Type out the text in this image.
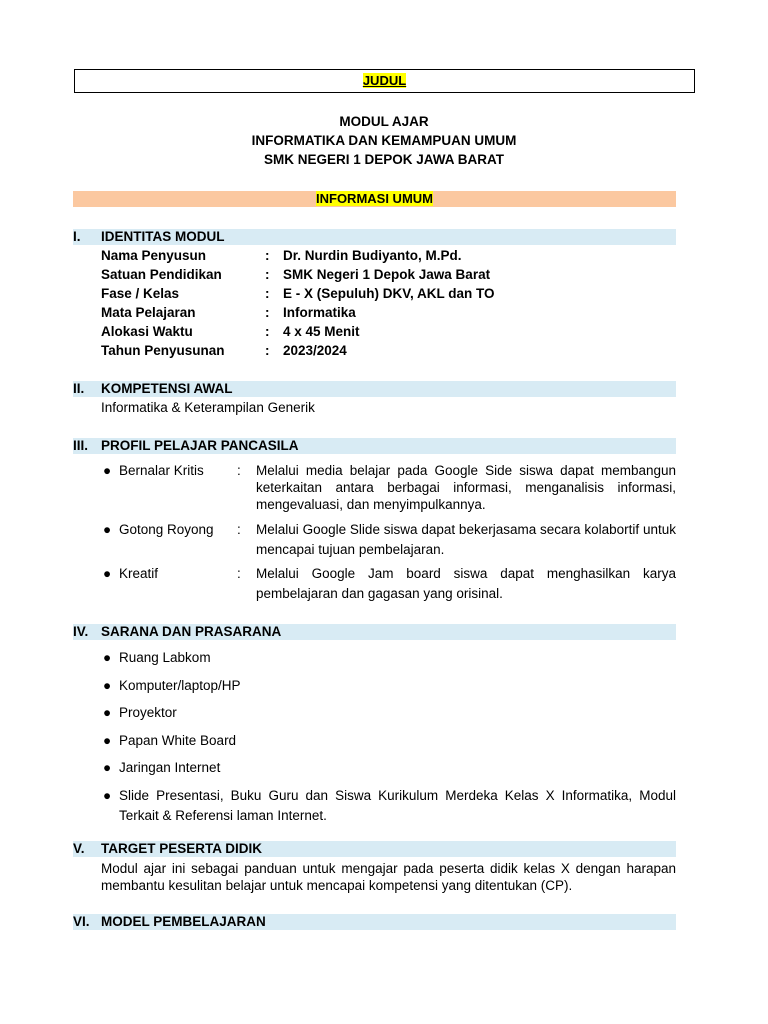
JUDUL
MODUL AJAR
INFORMATIKA DAN KEMAMPUAN UMUM
SMK NEGERI 1 DEPOK JAWA BARAT
INFORMASI UMUM
I. IDENTITAS MODUL
Nama Penyusun	: Dr. Nurdin Budiyanto, M.Pd.
Satuan Pendidikan	: SMK Negeri 1 Depok Jawa Barat
Fase / Kelas	: E - X (Sepuluh) DKV, AKL dan TO
Mata Pelajaran	: Informatika
Alokasi Waktu	: 4 x 45 Menit
Tahun Penyusunan	: 2023/2024
II. KOMPETENSI AWAL
Informatika & Keterampilan Generik
III. PROFIL PELAJAR PANCASILA
● Bernalar Kritis : Melalui media belajar pada Google Side siswa dapat membangun keterkaitan antara berbagai informasi, menganalisis informasi, mengevaluasi, dan menyimpulkannya.
● Gotong Royong : Melalui Google Slide siswa dapat bekerjasama secara kolabortif untuk mencapai tujuan pembelajaran.
● Kreatif	: Melalui Google Jam board siswa dapat menghasilkan karya pembelajaran dan gagasan yang orisinal.
IV. SARANA DAN PRASARANA
● Ruang Labkom
● Komputer/laptop/HP
● Proyektor
● Papan White Board
● Jaringan Internet
● Slide Presentasi, Buku Guru dan Siswa Kurikulum Merdeka Kelas X Informatika, Modul Terkait & Referensi laman Internet.
V. TARGET PESERTA DIDIK
Modul ajar ini sebagai panduan untuk mengajar pada peserta didik kelas X dengan harapan membantu kesulitan belajar untuk mencapai kompetensi yang ditentukan (CP).
VI. MODEL PEMBELAJARAN
